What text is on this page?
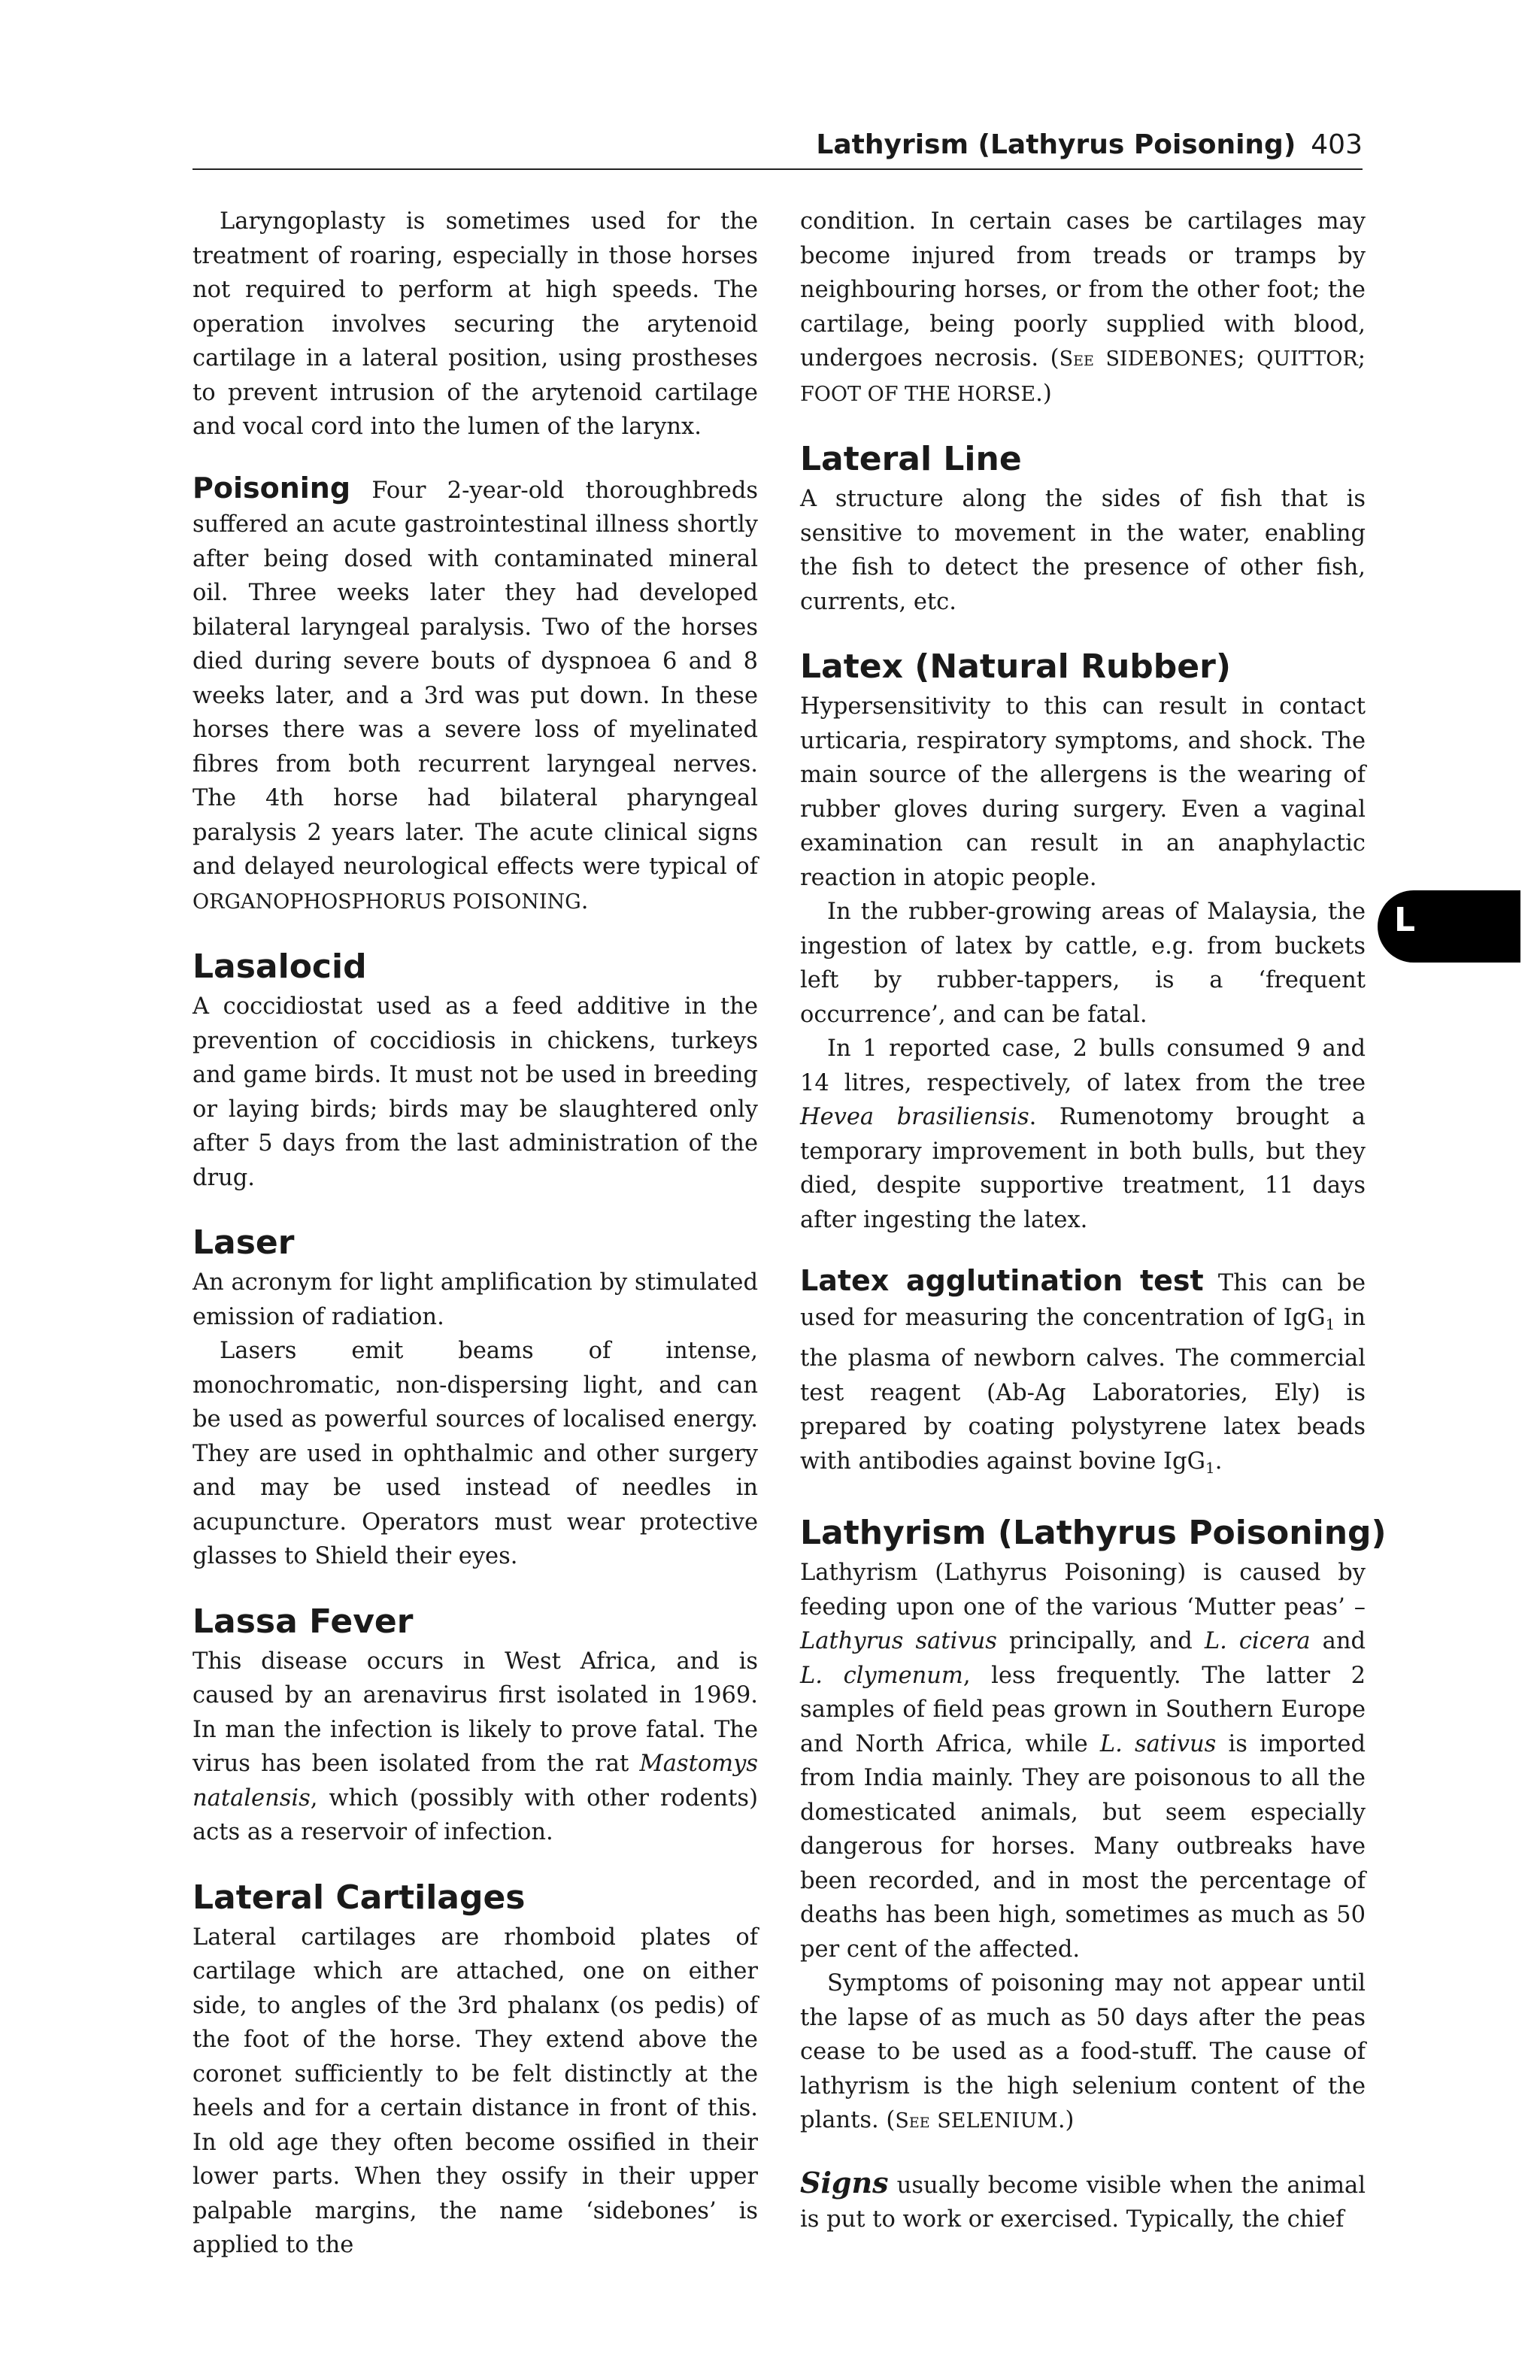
Lathyrism (Lathyrus Poisoning) 403
L

Laryngoplasty is sometimes used for the treatment of roaring, especially in those horses not required to perform at high speeds. The operation involves securing the arytenoid cartilage in a lateral position, using prostheses to prevent intrusion of the arytenoid cartilage and vocal cord into the lumen of the larynx.

Poisoning Four 2-year-old thoroughbreds suffered an acute gastrointestinal illness shortly after being dosed with contaminated mineral oil. Three weeks later they had developed bilateral laryngeal paralysis. Two of the horses died during severe bouts of dyspnoea 6 and 8 weeks later, and a 3rd was put down. In these horses there was a severe loss of myelinated fibres from both recurrent laryngeal nerves. The 4th horse had bilateral pharyngeal paralysis 2 years later. The acute clinical signs and delayed neurological effects were typical of ORGANOPHOSPHORUS POISONING.

Lasalocid

A coccidiostat used as a feed additive in the prevention of coccidiosis in chickens, turkeys and game birds. It must not be used in breeding or laying birds; birds may be slaughtered only after 5 days from the last administration of the drug.

Laser

An acronym for light amplification by stimulated emission of radiation.

Lasers emit beams of intense, monochromatic, non-dispersing light, and can be used as powerful sources of localised energy. They are used in ophthalmic and other surgery and may be used instead of needles in acupuncture. Operators must wear protective glasses to Shield their eyes.

Lassa Fever

This disease occurs in West Africa, and is caused by an arenavirus first isolated in 1969. In man the infection is likely to prove fatal. The virus has been isolated from the rat Mastomys natalensis, which (possibly with other rodents) acts as a reservoir of infection.

Lateral Cartilages

Lateral cartilages are rhomboid plates of cartilage which are attached, one on either side, to angles of the 3rd phalanx (os pedis) of the foot of the horse. They extend above the coronet sufficiently to be felt distinctly at the heels and for a certain distance in front of this. In old age they often become ossified in their lower parts. When they ossify in their upper palpable margins, the name ‘sidebones’ is applied to the

condition. In certain cases be cartilages may become injured from treads or tramps by neighbouring horses, or from the other foot; the cartilage, being poorly supplied with blood, undergoes necrosis. (See SIDEBONES; QUITTOR; FOOT OF THE HORSE.)

Lateral Line

A structure along the sides of fish that is sensitive to movement in the water, enabling the fish to detect the presence of other fish, currents, etc.

Latex (Natural Rubber)

Hypersensitivity to this can result in contact urticaria, respiratory symptoms, and shock. The main source of the allergens is the wearing of rubber gloves during surgery. Even a vaginal examination can result in an anaphylactic reaction in atopic people.

In the rubber-growing areas of Malaysia, the ingestion of latex by cattle, e.g. from buckets left by rubber-tappers, is a ‘frequent occurrence’, and can be fatal.

In 1 reported case, 2 bulls consumed 9 and 14 litres, respectively, of latex from the tree Hevea brasiliensis. Rumenotomy brought a temporary improvement in both bulls, but they died, despite supportive treatment, 11 days after ingesting the latex.

Latex agglutination test This can be used for measuring the concentration of IgG$_1$ in the plasma of newborn calves. The commercial test reagent (Ab-Ag Laboratories, Ely) is prepared by coating polystyrene latex beads with antibodies against bovine IgG$_1$.

Lathyrism (Lathyrus Poisoning)

Lathyrism (Lathyrus Poisoning) is caused by feeding upon one of the various ‘Mutter peas’ – Lathyrus sativus principally, and L. cicera and L. clymenum, less frequently. The latter 2 samples of field peas grown in Southern Europe and North Africa, while L. sativus is imported from India mainly. They are poisonous to all the domesticated animals, but seem especially dangerous for horses. Many outbreaks have been recorded, and in most the percentage of deaths has been high, sometimes as much as 50 per cent of the affected.

Symptoms of poisoning may not appear until the lapse of as much as 50 days after the peas cease to be used as a food-stuff. The cause of lathyrism is the high selenium content of the plants. (See SELENIUM.)

Signs usually become visible when the animal is put to work or exercised. Typically, the chief
